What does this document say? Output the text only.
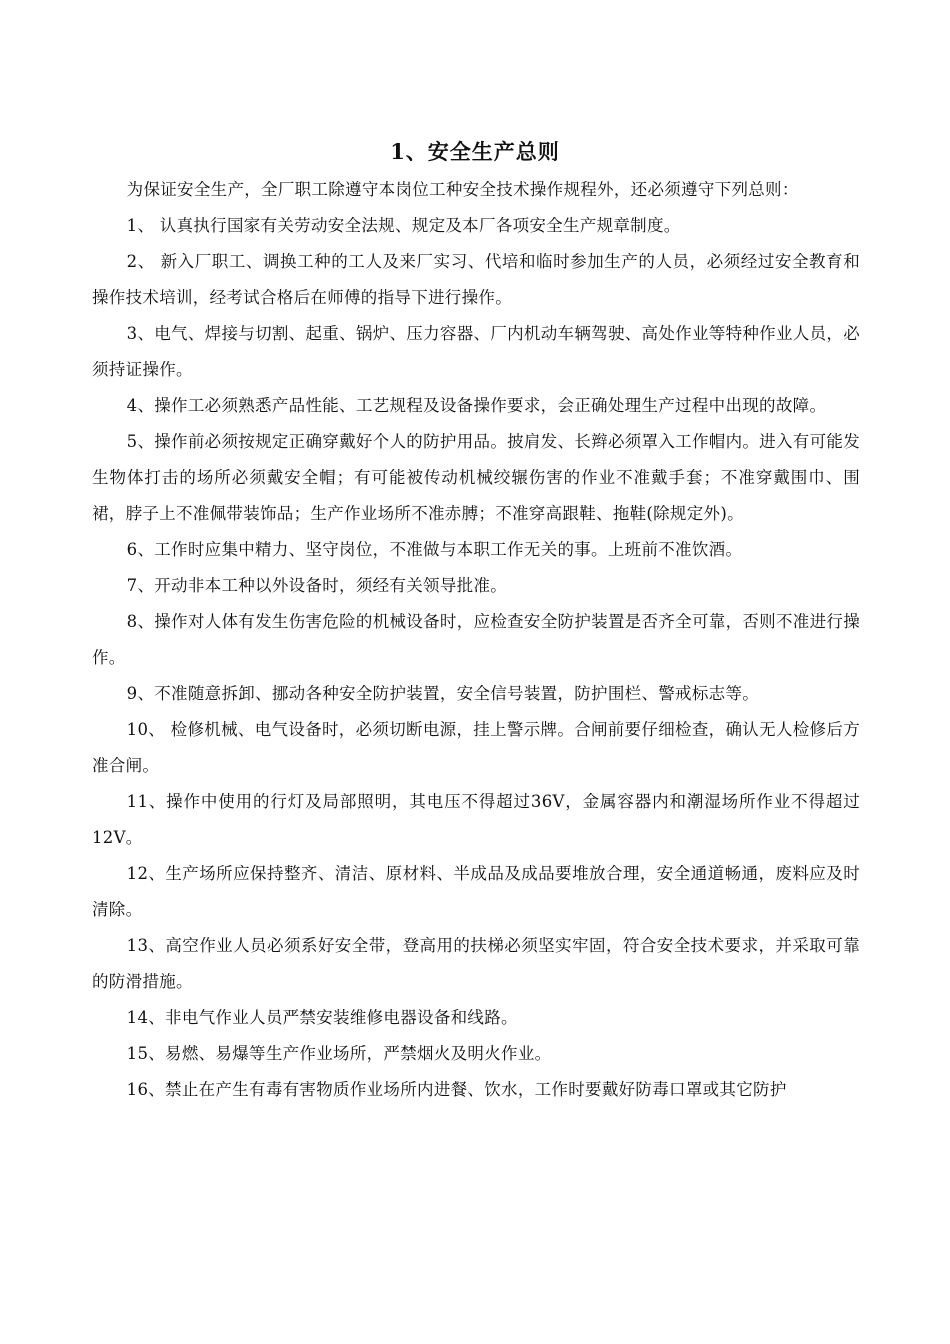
1、安全生产总则

为保证安全生产，全厂职工除遵守本岗位工种安全技术操作规程外，还必须遵守下列总则：

1、 认真执行国家有关劳动安全法规、规定及本厂各项安全生产规章制度。

2、 新入厂职工、调换工种的工人及来厂实习、代培和临时参加生产的人员，必须经过安全教育和操作技术培训，经考试合格后在师傅的指导下进行操作。

3、电气、焊接与切割、起重、锅炉、压力容器、厂内机动车辆驾驶、高处作业等特种作业人员，必须持证操作。

4、操作工必须熟悉产品性能、工艺规程及设备操作要求，会正确处理生产过程中出现的故障。

5、操作前必须按规定正确穿戴好个人的防护用品。披肩发、长辫必须罩入工作帽内。进入有可能发生物体打击的场所必须戴安全帽；有可能被传动机械绞辗伤害的作业不准戴手套；不准穿戴围巾、围裙，脖子上不准佩带装饰品；生产作业场所不准赤膊；不准穿高跟鞋、拖鞋(除规定外)。

6、工作时应集中精力、坚守岗位，不准做与本职工作无关的事。上班前不准饮酒。

7、开动非本工种以外设备时，须经有关领导批准。

8、操作对人体有发生伤害危险的机械设备时，应检查安全防护装置是否齐全可靠，否则不准进行操作。

9、不准随意拆卸、挪动各种安全防护装置，安全信号装置，防护围栏、警戒标志等。

10、 检修机械、电气设备时，必须切断电源，挂上警示牌。合闸前要仔细检查，确认无人检修后方准合闸。

11、操作中使用的行灯及局部照明，其电压不得超过36V，金属容器内和潮湿场所作业不得超过12V。

12、生产场所应保持整齐、清洁、原材料、半成品及成品要堆放合理，安全通道畅通，废料应及时清除。

13、高空作业人员必须系好安全带，登高用的扶梯必须坚实牢固，符合安全技术要求，并采取可靠的防滑措施。

14、非电气作业人员严禁安装维修电器设备和线路。

15、易燃、易爆等生产作业场所，严禁烟火及明火作业。

16、禁止在产生有毒有害物质作业场所内进餐、饮水，工作时要戴好防毒口罩或其它防护
